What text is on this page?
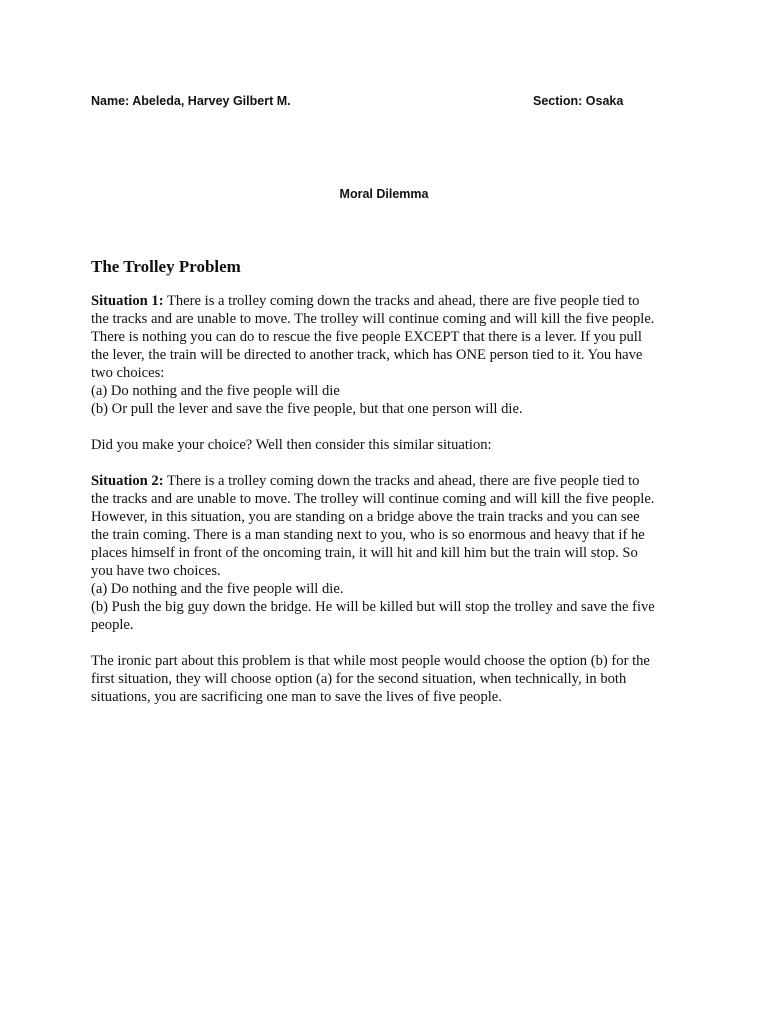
Name: Abeleda, Harvey Gilbert M.	Section: Osaka
Moral Dilemma
The Trolley Problem
Situation 1: There is a trolley coming down the tracks and ahead, there are five people tied to
the tracks and are unable to move. The trolley will continue coming and will kill the five people.
There is nothing you can do to rescue the five people EXCEPT that there is a lever. If you pull
the lever, the train will be directed to another track, which has ONE person tied to it. You have
two choices:
(a) Do nothing and the five people will die
(b) Or pull the lever and save the five people, but that one person will die.
Did you make your choice? Well then consider this similar situation:
Situation 2: There is a trolley coming down the tracks and ahead, there are five people tied to
the tracks and are unable to move. The trolley will continue coming and will kill the five people.
However, in this situation, you are standing on a bridge above the train tracks and you can see
the train coming. There is a man standing next to you, who is so enormous and heavy that if he
places himself in front of the oncoming train, it will hit and kill him but the train will stop. So
you have two choices.
(a) Do nothing and the five people will die.
(b) Push the big guy down the bridge. He will be killed but will stop the trolley and save the five
people.
The ironic part about this problem is that while most people would choose the option (b) for the
first situation, they will choose option (a) for the second situation, when technically, in both
situations, you are sacrificing one man to save the lives of five people.
